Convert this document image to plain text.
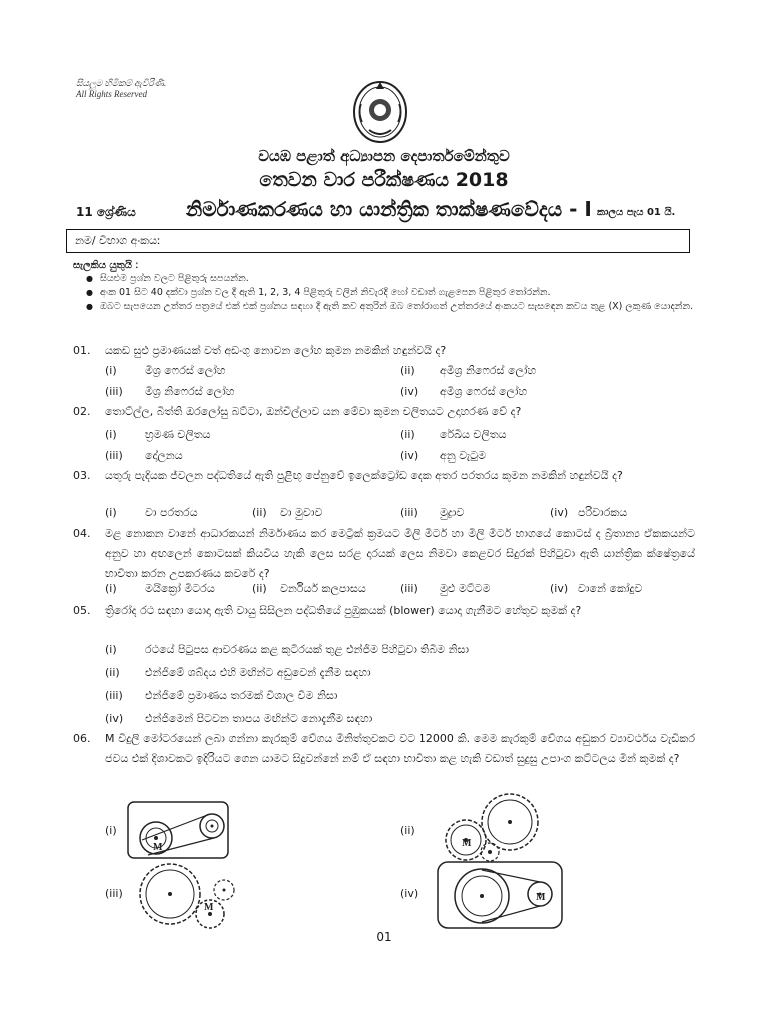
සියලුම හිමිකම් ඇවිරිණි.
All Rights Reserved
වයඹ පළාත් අධ්‍යාපන දෙපාර්තමේන්තුව
තෙවන වාර පරීක්ෂණය 2018
11 ශ්‍රේණිය	නිර්මාණකරණය හා යාන්ත්‍රික තාක්ෂණවේදය - I කාලය පැය 01 යි.
නම/ විභාග අංකයː
සැලකිය යුතුයි ː
● සියළුම ප්‍රශ්න වලට පිළිතුරු සපයන්න.
● අංක 01 සිට 40 දක්වා ප්‍රශ්න වල දී ඇති 1, 2, 3, 4 පිළිතුරු වලින් නිවැරදි හෝ වඩාත් ගැළපෙන පිළිතුර තෝරන්න.
● ඔබට සැපයෙන උත්තර පත්‍රයේ එක් එක් ප්‍රශ්නය සඳහා දී ඇති කව අතුරින් ඔබ තෝරාගත් උත්තරයේ අංකයට සැසඳෙන කවය තුළ (X) ලකුණ යොදන්න.
01.	යකඩ සුළු ප්‍රමාණයක් වත් අඩංගු නොවන ලෝහ කුමන නමකින් හඳුන්වයි ද?
(i)	මිශ්‍ර ෆෙරස් ලෝහ	(ii) අමිශ්‍ර නිෆෙරස් ලෝහ
(iii) මිශ්‍ර නිෆෙරස් ලෝහ	(iv) අමිශ්‍ර ෆෙරස් ලෝහ
02.	තොට්ල්ල, බිත්ති ඔරලෝසු බට්ටා, ඔන්චිල්ලාව යන මේවා කුමන චලිතයට උදාහරණ වේ ද?
(i)	භ්‍රමණ චලිතය	(ii) රේඛීය චලිතය
(iii) දෝලනය	(iv) අනු වැටුම
03.	යතුරු පැදියක ජ්වලන පද්ධතියේ ඇති පුළිඟු පේනුවේ ඉලෙක්ට්‍රෝඩ දෙක අතර පරතරය කුමන නමකින් හඳුන්වයි ද?
(i)	වා පරතරය	(ii) වා මුවාව	(iii) මුද්‍රාව	(iv) පරිවාරකය
04.	මළ නොකන වානේ ආධාරකයන් නිර්මාණය කර මෙට්‍රික් ක්‍රමයට මිලි මීටර් හා මිලි මීටර් භාගයේ කොටස් ද බ්‍රිතාන්‍ය ඒකකයන්ට අනුව හා අඟලෙන් කොටසක් කියවිය හැකි ලෙස සරළ දාරයක් ලෙස නිමවා කෙළවර සිදුරක් පිහිටුවා ඇති යාන්ත්‍රික ක්ෂේත්‍රයේ භාවිතා කරන උපකරණය කවරේ ද?
(i)	මයික්‍රෝ මීටරය	(ii) වර්නියර් කලපාසය	(iii) මුළු මට්ටම	(iv) වානේ කෝදුව
05.	ත්‍රිරෝද රථ සඳහා යොදා ඇති වායු සිසිලන පද්ධතියේ පුඹුකයක් (blower) යොදා ගැනීමට හේතුව කුමක් ද?
(i)	රථයේ පිටුපස ආවරණය කළ කුටීරයක් තුළ එන්ජිම පිහිටුවා තිබීම නිසා
(ii) එන්ජිමේ ශබ්දය එහි මඟින්ට අඩුවෙන් දැනීම සඳහා
(iii) එන්ජිමේ ප්‍රමාණය තරමක් විශාල වීම නිසා
(iv) එන්ජිමෙන් පිටවන තාපය මඟින්ට නොදැනීම සඳහා
06.	M විදුලි මෝටරයෙන් ලබා ගන්නා කැරකුම් වේගය මිනිත්තුවකට වට 12000 කි. මෙම කැරකුම් වේගය අඩුකර ව්‍යාවර්ථය වැඩිකර ජවය එක් දිශාවකට ඉදිරියට ගෙන යාමට සිදුවන්නේ නම් ඒ සඳහා භාවිතා කළ හැකි වඩාත් සුදුසු උපාංග කට්ටලය මින් කුමක් ද?
(i)
M
(ii)
M
(iii)
M
(iv)	M
01
